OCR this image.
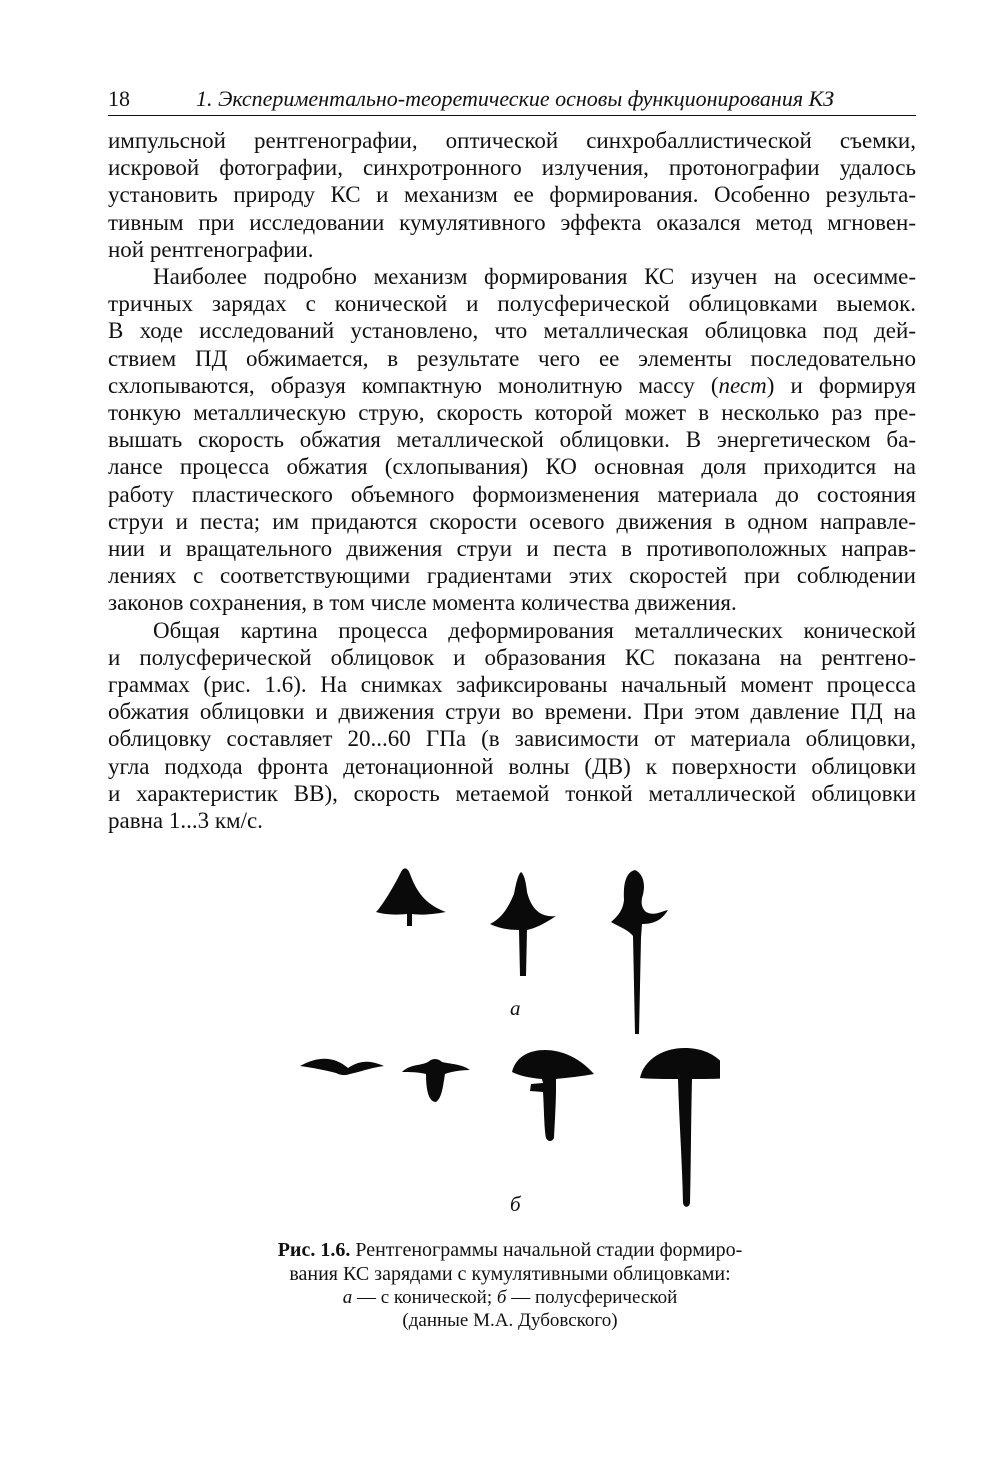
18	1. Экспериментально-теоретические основы функционирования КЗ

импульсной рентгенографии, оптической синхробаллистической съемки,
искровой фотографии, синхротронного излучения, протонографии удалось
установить природу КС и механизм ее формирования. Особенно результа-
тивным при исследовании кумулятивного эффекта оказался метод мгновен-
ной рентгенографии.

Наиболее подробно механизм формирования КС изучен на осесимме-
тричных зарядах с конической и полусферической облицовками выемок.
В ходе исследований установлено, что металлическая облицовка под дей-
ствием ПД обжимается, в результате чего ее элементы последовательно
схлопываются, образуя компактную монолитную массу (пест) и формируя
тонкую металлическую струю, скорость которой может в несколько раз пре-
вышать скорость обжатия металлической облицовки. В энергетическом ба-
лансе процесса обжатия (схлопывания) КО основная доля приходится на
работу пластического объемного формоизменения материала до состояния
струи и песта; им придаются скорости осевого движения в одном направле-
нии и вращательного движения струи и песта в противоположных направ-
лениях с соответствующими градиентами этих скоростей при соблюдении
законов сохранения, в том числе момента количества движения.

Общая картина процесса деформирования металлических конической
и полусферической облицовок и образования КС показана на рентгено-
граммах (рис. 1.6). На снимках зафиксированы начальный момент процесса
обжатия облицовки и движения струи во времени. При этом давление ПД на
облицовку составляет 20...60 ГПа (в зависимости от материала облицовки,
угла подхода фронта детонационной волны (ДВ) к поверхности облицовки
и характеристик ВВ), скорость метаемой тонкой металлической облицовки
равна 1...3 км/с.

а
б
Рис. 1.6. Рентгенограммы начальной стадии формиро-
вания КС зарядами с кумулятивными облицовками:
а — с конической; б — полусферической
(данные М.А. Дубовского)
